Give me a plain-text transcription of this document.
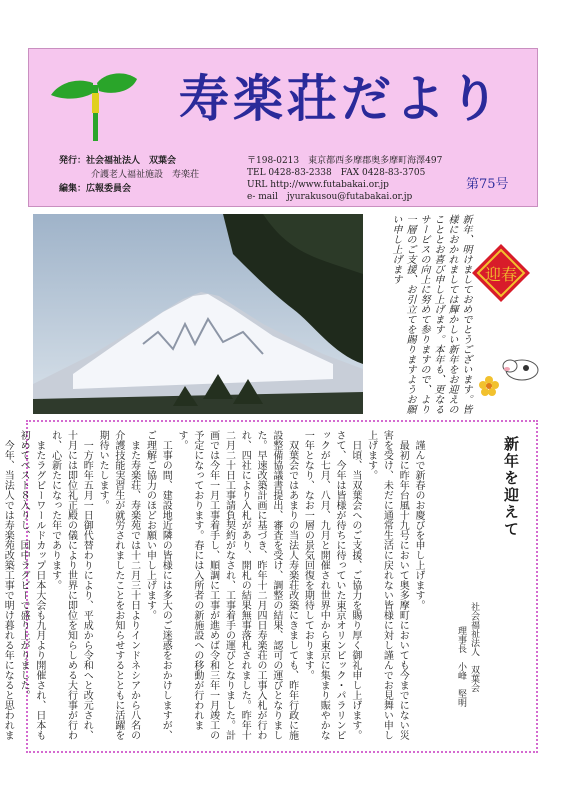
寿楽荘だより
発行：社会福祉法人　双葉会
介護老人福祉施設　寿楽荘
編集：広報委員会
〒198-0213　東京都西多摩郡奥多摩町海澤497
TEL 0428-83-2338　FAX 0428-83-3705
URL http://www.futabakai.or.jp
e- mail　jyurakusou@futabakai.or.jp
第75号
新年、明けましておめでとうございます。皆様におかれましては輝かしい新年をお迎えのこととお喜び申し上げます。本年も、更なるサービスの向上に努めて参りますので、より一層のご支援、お引立てを賜りますようお願い申し上げます	迎春
新年を迎えて
社会福祉法人　双葉会
理事長　小峰　堅明

謹んで新春のお慶びを申し上げます。

最初に昨年台風十九号において奥多摩町においても今までにない災害を受け、未だに通常生活に戻れない皆様に対し謹んでお見舞い申し上げます。

日頃、当双葉会へのご支援、ご協力を賜り厚く御礼申し上げます。さて、今年は皆様が待ちに待っていた東京オリンピック・パラリンピックが七月、八月、九月と開催され世界中から東京に集まり賑やかな一年となり、なお一層の景気回復を期待しております。

双葉会ではあまりの当法人寿楽荘改築にきましても、昨年行政に施設整備協議書提出、審査を受け、調整の結果、認可の運びとなりました。早速改築計画に基づき、昨年十二月四日寿楽荘の工事入札が行われ、四社により入札があり、開札の結果無事落札されました。昨年十二月二十日工事請負契約がなされ、工事着手の運びとなりました。計画では今年一月工事着手し、順調に工事が進めば令和三年一月竣工の予定になっております。春には入所者の新施設への移動が行われます。

工事の間、建設地近隣の皆様には多大のご迷惑をおかけしますが、ご理解ご協力のほどお願い申し上げます。

また寿楽荘、寿楽苑では十二月三十日よりインドネシアから八名の介護技能実習生が就労されましたことをお知らせするとともに活躍を期待いたします。

一方昨年五月一日御代替わりにより、平成から令和へと改元され、十月には即位礼正殿の儀により世界に即位を知らしめる大行事が行われ、心新たになった年であります。

またラグビーワールドカップ日本大会も九月より開催され、日本も初めてベスト８入りし、国中ラグビーで盛り上がりました。

今年、当法人では寿楽苑改築工事で明け暮れる年になると思われま
